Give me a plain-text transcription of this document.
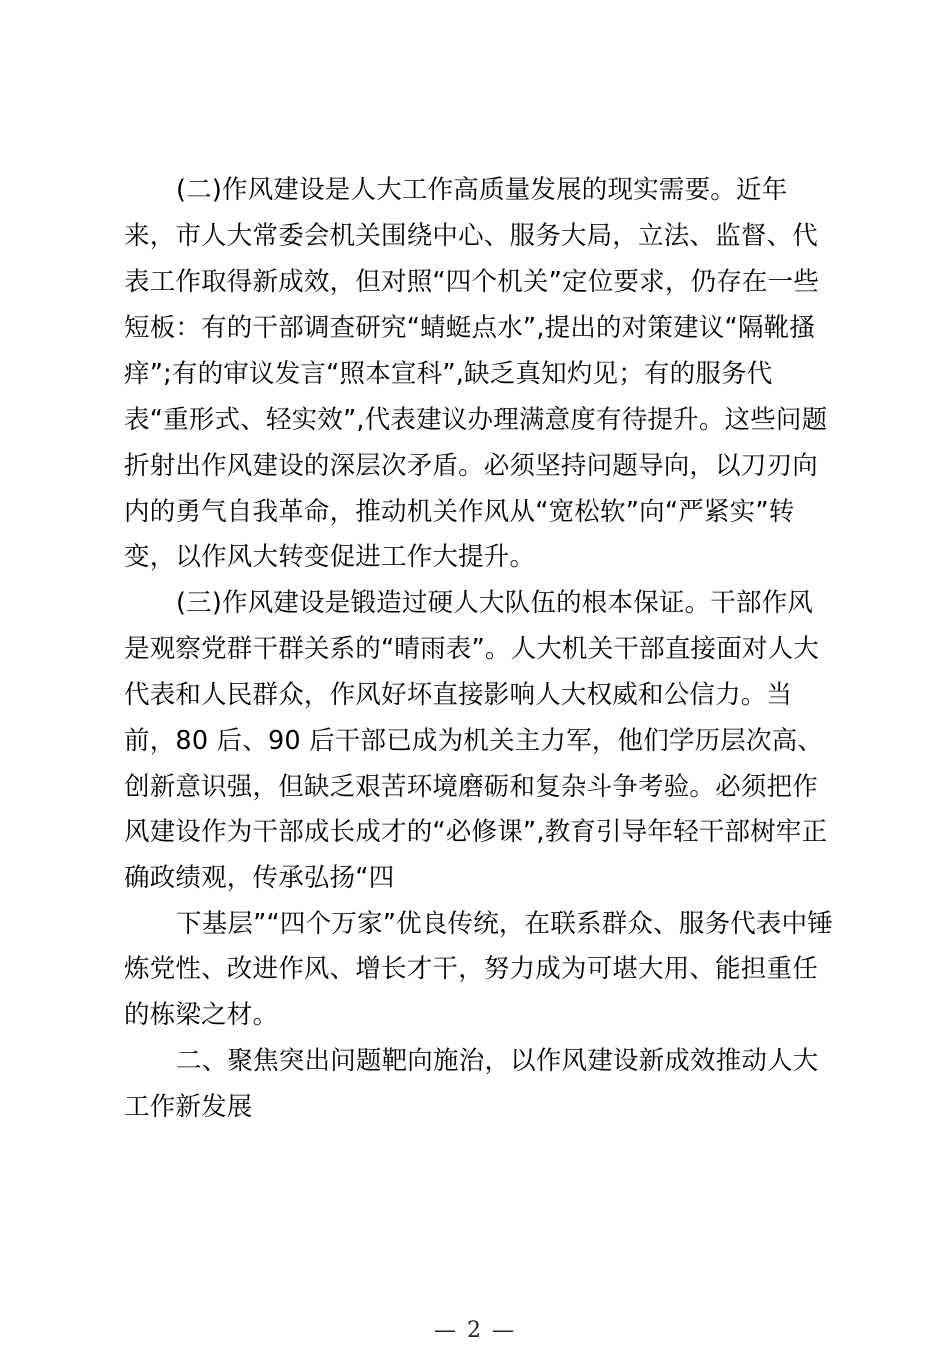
(二)作风建设是人大工作高质量发展的现实需要。近年
来，市人大常委会机关围绕中心、服务大局，立法、监督、代
表工作取得新成效，但对照“四个机关”定位要求，仍存在一些
短板：有的干部调查研究“蜻蜓点水”,提出的对策建议“隔靴搔
痒”;有的审议发言“照本宣科”,缺乏真知灼见；有的服务代
表“重形式、轻实效”,代表建议办理满意度有待提升。这些问题
折射出作风建设的深层次矛盾。必须坚持问题导向，以刀刃向
内的勇气自我革命，推动机关作风从“宽松软”向“严紧实”转
变，以作风大转变促进工作大提升。
(三)作风建设是锻造过硬人大队伍的根本保证。干部作风
是观察党群干群关系的“晴雨表”。人大机关干部直接面对人大
代表和人民群众，作风好坏直接影响人大权威和公信力。当
前，80 后、90 后干部已成为机关主力军，他们学历层次高、
创新意识强，但缺乏艰苦环境磨砺和复杂斗争考验。必须把作
风建设作为干部成长成才的“必修课”,教育引导年轻干部树牢正
确政绩观，传承弘扬“四
下基层”“四个万家”优良传统，在联系群众、服务代表中锤
炼党性、改进作风、增长才干，努力成为可堪大用、能担重任
的栋梁之材。
二、聚焦突出问题靶向施治，以作风建设新成效推动人大
工作新发展
— 2 —
